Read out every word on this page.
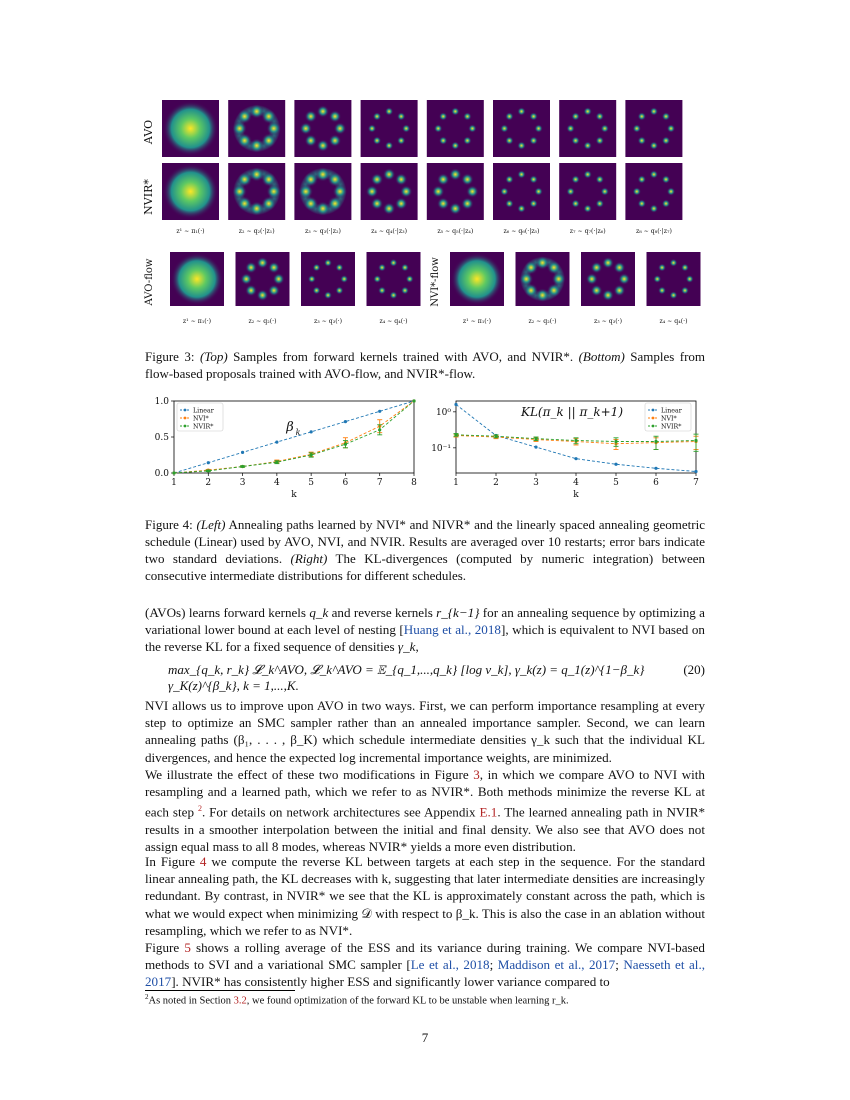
AVO
NVIR*
z¹ ∼ π₁(·)	z₂ ∼ q₂(·|z₁)	z₃ ∼ q₃(·|z₂)	z₄ ∼ q₄(·|z₃)	z₅ ∼ q₅(·|z₄)	z₆ ∼ q₆(·|z₅)	z₇ ∼ q₇(·|z₆)	z₈ ∼ q₈(·|z₇)
AVO-flow	NVI*-flow
z¹ ∼ π₁(·)	z¹ ∼ π₁(·)
z₂ ∼ q₂(·)	z₂ ∼ q₂(·)
z₃ ∼ q₃(·)	z₃ ∼ q₃(·)
z₄ ∼ q₄(·)	z₄ ∼ q₄(·)
Figure 3: (Top) Samples from forward kernels trained with AVO, and NVIR*. (Bottom) Samples from flow-based proposals trained with AVO-flow, and NVIR*-flow.
1	2	3	4	5	6	7	8
k
0.0
0.5
1.0
β k
Linear
NVI*
NVIR*
1	2	3	4	5	6	7
k
10⁰
10⁻¹
KL(π_k || π_k+1)	Linear
NVI*
NVIR*
Figure 4: (Left) Annealing paths learned by NVI* and NIVR* and the linearly spaced annealing geometric schedule (Linear) used by AVO, NVI, and NVIR. Results are averaged over 10 restarts; error bars indicate two standard deviations. (Right) The KL-divergences (computed by numeric integration) between consecutive intermediate distributions for different schedules.
(AVOs) learns forward kernels q_k and reverse kernels r_{k−1} for an annealing sequence by optimizing a variational lower bound at each level of nesting [Huang et al., 2018], which is equivalent to NVI based on the reverse KL for a fixed sequence of densities γ_k,
max_{q_k, r_k} 𝓛_k^AVO, 𝓛_k^AVO = 𝔼_{q_1,...,q_k} [log v_k], γ_k(z) = q_1(z)^{1−β_k} γ_K(z)^{β_k}, k = 1,...,K.
(20)
NVI allows us to improve upon AVO in two ways. First, we can perform importance resampling at every step to optimize an SMC sampler rather than an annealed importance sampler. Second, we can learn annealing paths (β₁, . . . , β_K) which schedule intermediate densities γ_k such that the individual KL divergences, and hence the expected log incremental importance weights, are minimized.
We illustrate the effect of these two modifications in Figure 3, in which we compare AVO to NVI with resampling and a learned path, which we refer to as NVIR*. Both methods minimize the reverse KL at each step $^2$. For details on network architectures see Appendix E.1. The learned annealing path in NVIR* results in a smoother interpolation between the initial and final density. We also see that AVO does not assign equal mass to all 8 modes, whereas NVIR* yields a more even distribution.
In Figure 4 we compute the reverse KL between targets at each step in the sequence. For the standard linear annealing path, the KL decreases with k, suggesting that later intermediate densities are increasingly redundant. By contrast, in NVIR* we see that the KL is approximately constant across the path, which is what we would expect when minimizing 𝒟 with respect to β_k. This is also the case in an ablation without resampling, which we refer to as NVI*.
Figure 5 shows a rolling average of the ESS and its variance during training. We compare NVI-based methods to SVI and a variational SMC sampler [Le et al., 2018; Maddison et al., 2017; Naesseth et al., 2017]. NVIR* has consistently higher ESS and significantly lower variance compared to
$^2$As noted in Section 3.2, we found optimization of the forward KL to be unstable when learning r_k.
7
